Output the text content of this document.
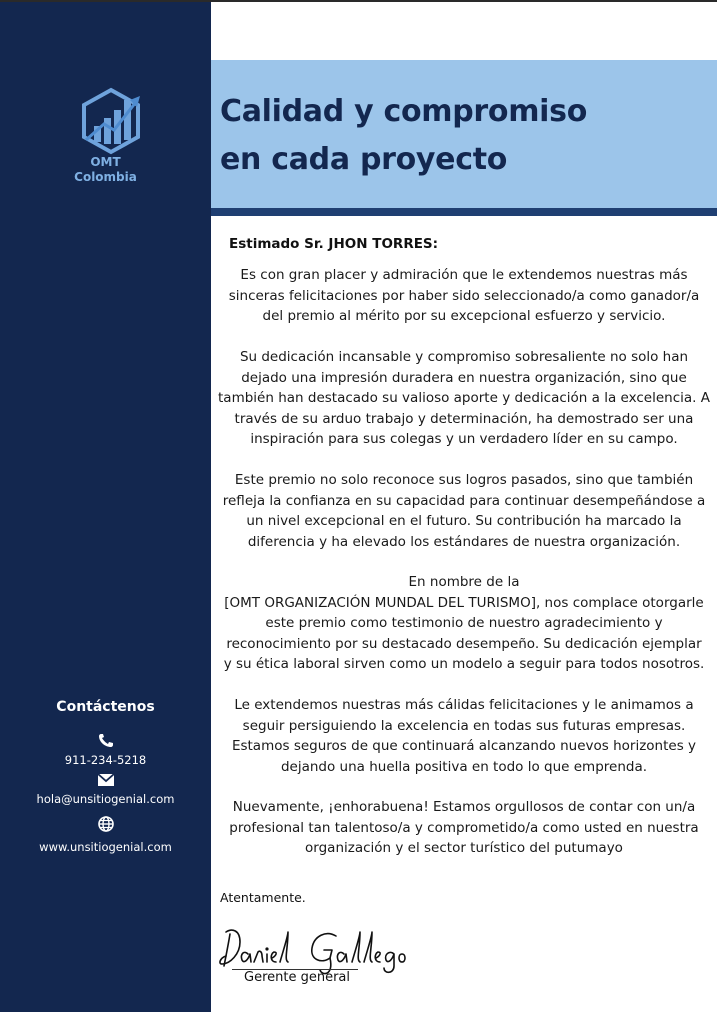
OMT
Colombia
Contáctenos
911-234-5218
hola@unsitiogenial.com
www.unsitiogenial.com
Calidad y compromiso
en cada proyecto

Estimado Sr. JHON TORRES:

Es con gran placer y admiración que le extendemos nuestras más
sinceras felicitaciones por haber sido seleccionado/a como ganador/a
del premio al mérito por su excepcional esfuerzo y servicio.

Su dedicación incansable y compromiso sobresaliente no solo han
dejado una impresión duradera en nuestra organización, sino que
también han destacado su valioso aporte y dedicación a la excelencia. A
través de su arduo trabajo y determinación, ha demostrado ser una
inspiración para sus colegas y un verdadero líder en su campo.

Este premio no solo reconoce sus logros pasados, sino que también
refleja la confianza en su capacidad para continuar desempeñándose a
un nivel excepcional en el futuro. Su contribución ha marcado la
diferencia y ha elevado los estándares de nuestra organización.

En nombre de la
[OMT ORGANIZACIÓN MUNDAL DEL TURISMO], nos complace otorgarle
este premio como testimonio de nuestro agradecimiento y
reconocimiento por su destacado desempeño. Su dedicación ejemplar
y su ética laboral sirven como un modelo a seguir para todos nosotros.

Le extendemos nuestras más cálidas felicitaciones y le animamos a
seguir persiguiendo la excelencia en todas sus futuras empresas.
Estamos seguros de que continuará alcanzando nuevos horizontes y
dejando una huella positiva en todo lo que emprenda.

Nuevamente, ¡enhorabuena! Estamos orgullosos de contar con un/a
profesional tan talentoso/a y comprometido/a como usted en nuestra
organización y el sector turístico del putumayo

Atentamente.

Gerente general
